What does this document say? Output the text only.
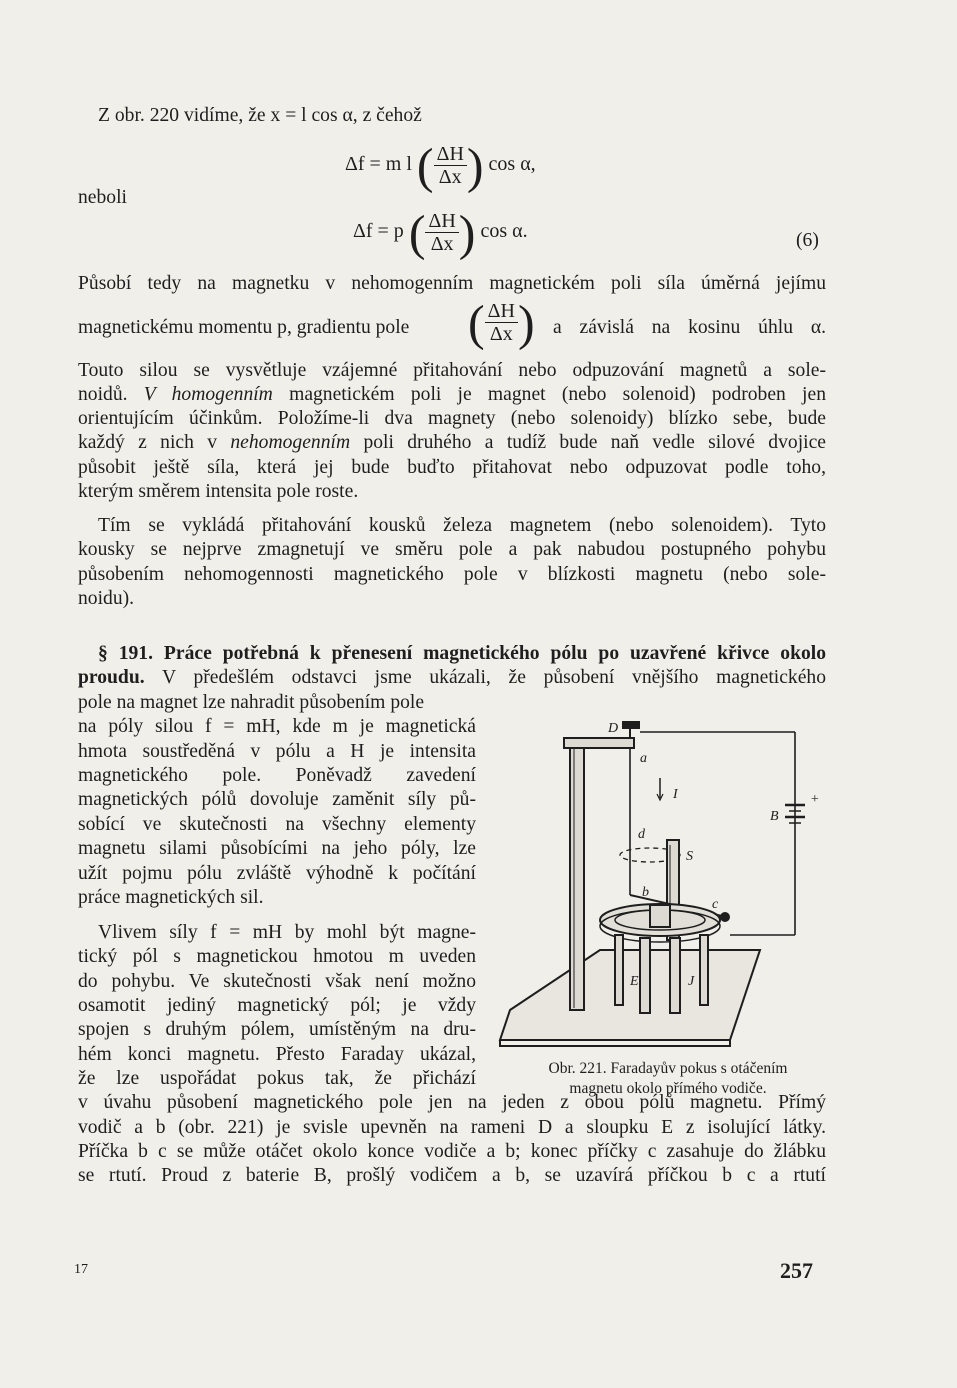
Z obr. 220 vidíme, že x = l cos α, z čehož
Δf = m l ( $\frac{\Delta H}{\Delta x}$ ) cos α,
neboli
Δf = p ( $\frac{\Delta H}{\Delta x}$ ) cos α.	(6)
Působí tedy na magnetku v nehomogenním magnetickém poli síla úměrná jejímu
magnetickému momentu p, gradientu pole ( $\frac{\Delta H}{\Delta x}$ ) a závislá na kosinu úhlu α.
Touto silou se vysvětluje vzájemné přitahování nebo odpuzování magnetů a sole-
noidů. V homogenním magnetickém poli je magnet (nebo solenoid) podroben jen
orientujícím účinkům. Položíme-li dva magnety (nebo solenoidy) blízko sebe, bude
každý z nich v nehomogenním poli druhého a tudíž bude naň vedle silové dvojice
působit ještě síla, která jej bude buďto přitahovat nebo odpuzovat podle toho,
kterým směrem intensita pole roste.
Tím se vykládá přitahování kousků železa magnetem (nebo solenoidem). Tyto
kousky se nejprve zmagnetují ve směru pole a pak nabudou postupného pohybu
působením nehomogennosti magnetického pole v blízkosti magnetu (nebo sole-
noidu).
§ 191. Práce potřebná k přenesení magnetického pólu po uzavřené křivce okolo
proudu. V předešlém odstavci jsme ukázali, že působení vnějšího magnetického
pole na magnet lze nahradit působením pole
na póly silou f = mH, kde m je magnetická
hmota soustředěná v pólu a H je intensita
magnetického pole. Poněvadž zavedení
magnetických pólů dovoluje zaměnit síly pů-
sobící ve skutečnosti na všechny elementy
magnetu silami působícími na jeho póly, lze
užít pojmu pólu zvláště výhodně k počítání
práce magnetických sil.
Vlivem síly f = mH by mohl být magne-
tický pól s magnetickou hmotou m uveden
do pohybu. Ve skutečnosti však není možno
osamotit jediný magnetický pól; je vždy
spojen s druhým pólem, umístěným na dru-
hém konci magnetu. Přesto Faraday ukázal,
že lze uspořádat pokus tak, že přichází
v úvahu působení magnetického pole jen na jeden z obou pólů magnetu. Přímý
vodič a b (obr. 221) je svisle upevněn na rameni D a sloupku E z isolující látky.
Příčka b c se může otáčet okolo konce vodiče a b; konec příčky c zasahuje do žlábku
se rtutí. Proud z baterie B, prošlý vodičem a b, se uzavírá příčkou b c a rtutí
D
a
I	+
B
d
S
b
c
E	J
Obr. 221. Faradayův pokus s otáčením
magnetu okolo přímého vodiče.
17	257
